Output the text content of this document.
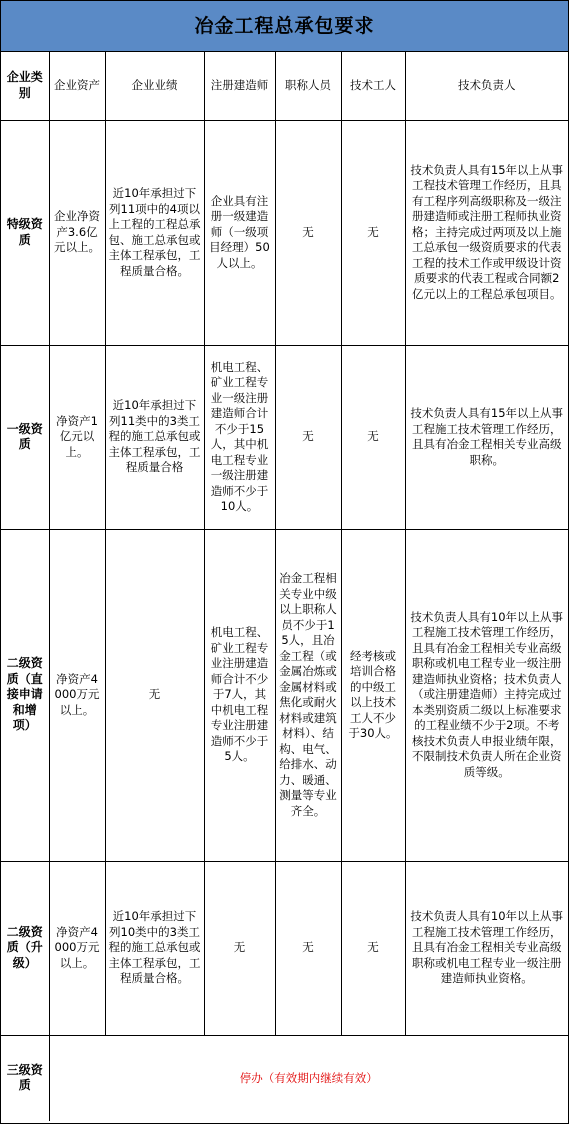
冶金工程总承包要求
企业类别	企业资产	企业业绩	注册建造师	职称人员	技术工人	技术负责人
特级资质	企业净资产3.6亿元以上。	近10年承担过下列11项中的4项以上工程的工程总承包、施工总承包或主体工程承包，工程质量合格。	企业具有注册一级建造师（一级项目经理）50人以上。	无	无	技术负责人具有15年以上从事工程技术管理工作经历，且具有工程序列高级职称及一级注册建造师或注册工程师执业资格；主持完成过两项及以上施工总承包一级资质要求的代表工程的技术工作或甲级设计资质要求的代表工程或合同额2亿元以上的工程总承包项目。
一级资质	净资产1亿元以上。	近10年承担过下列11类中的3类工程的施工总承包或主体工程承包，工程质量合格	机电工程、矿业工程专业一级注册建造师合计不少于15人，其中机电工程专业一级注册建造师不少于10人。	无	无	技术负责人具有15年以上从事工程施工技术管理工作经历，且具有冶金工程相关专业高级职称。
二级资质（直接申请和增项）	净资产4000万元以上。	无	机电工程、矿业工程专业注册建造师合计不少于7人，其中机电工程专业注册建造师不少于5人。	冶金工程相关专业中级以上职称人员不少于15人，且冶金工程（或金属冶炼或金属材料或焦化或耐火材料或建筑材料）、结构、电气、给排水、动力、暖通、测量等专业齐全。	经考核或培训合格的中级工以上技术工人不少于30人。	技术负责人具有10年以上从事工程施工技术管理工作经历，且具有冶金工程相关专业高级职称或机电工程专业一级注册建造师执业资格；技术负责人（或注册建造师）主持完成过本类别资质二级以上标准要求的工程业绩不少于2项。不考核技术负责人申报业绩年限，不限制技术负责人所在企业资质等级。
二级资质（升级）	净资产4000万元以上。	近10年承担过下列10类中的3类工程的施工总承包或主体工程承包，工程质量合格。	无	无	无	技术负责人具有10年以上从事工程施工技术管理工作经历，且具有冶金工程相关专业高级职称或机电工程专业一级注册建造师执业资格。
三级资质	停办（有效期内继续有效）					
